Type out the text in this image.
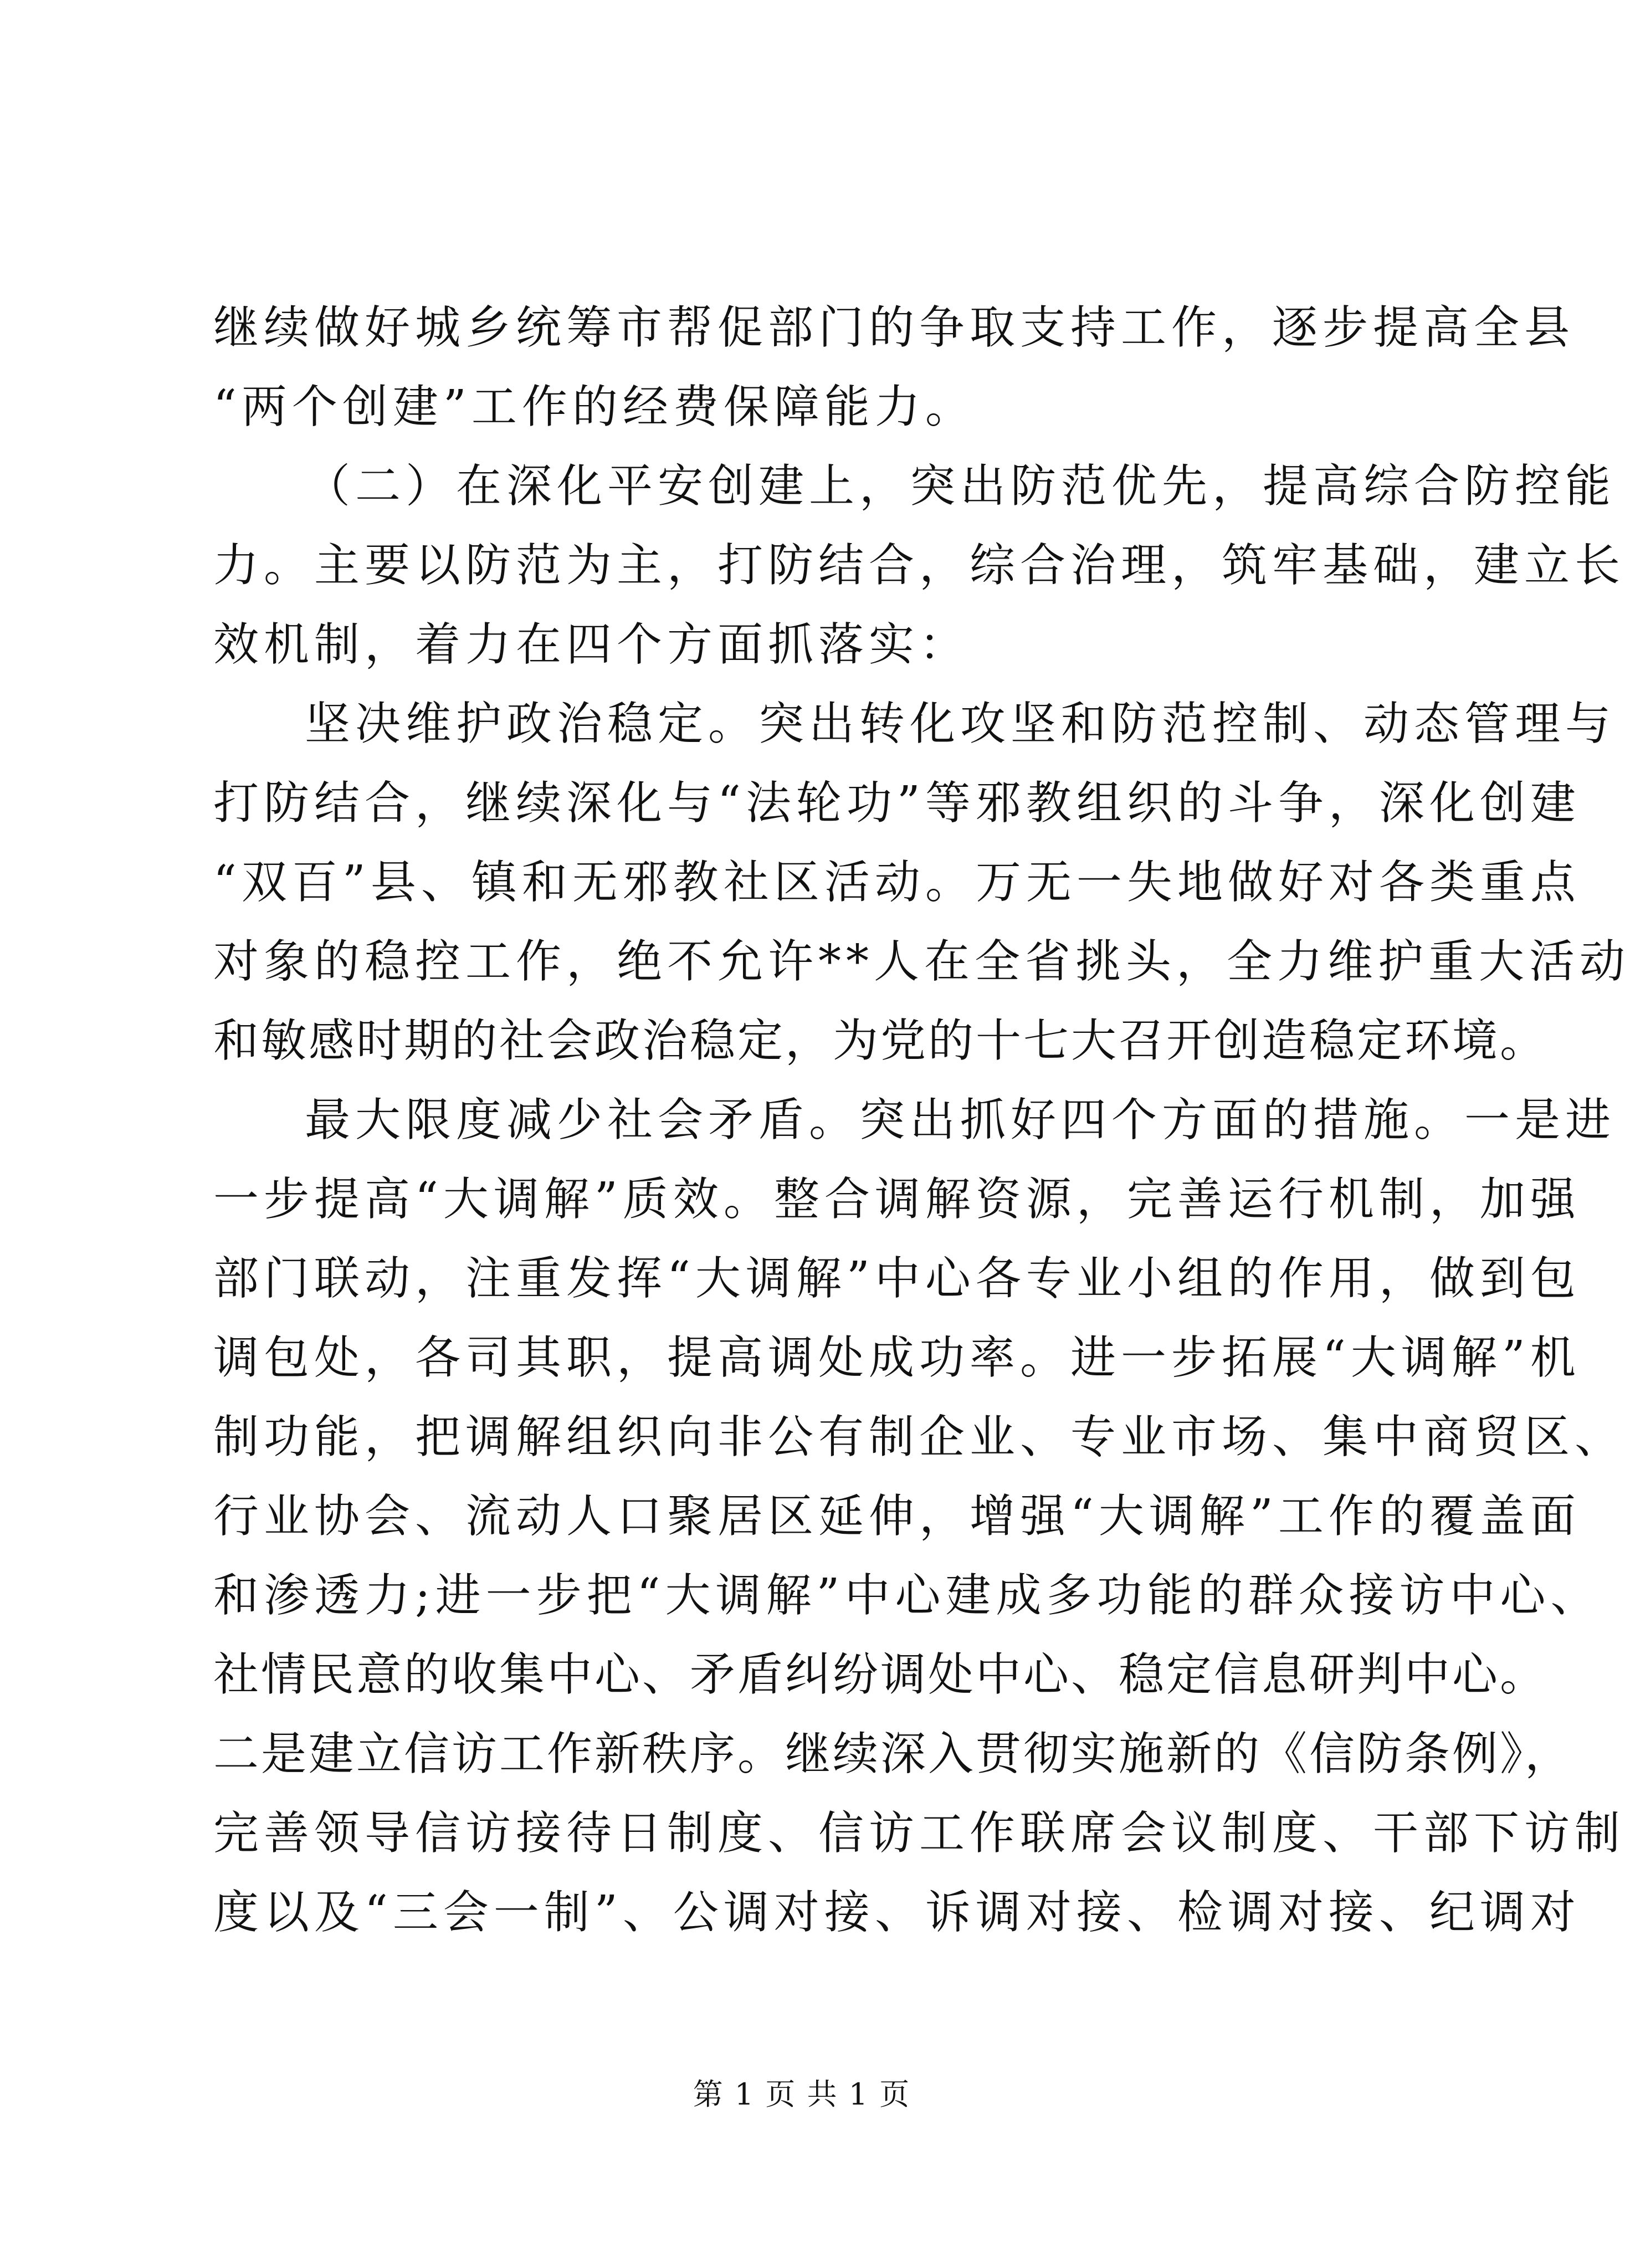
继续做好城乡统筹市帮促部门的争取支持工作，逐步提高全县
“两个创建”工作的经费保障能力。
（二）在深化平安创建上，突出防范优先，提高综合防控能
力。主要以防范为主，打防结合，综合治理，筑牢基础，建立长
效机制，着力在四个方面抓落实：
坚决维护政治稳定。突出转化攻坚和防范控制、动态管理与
打防结合，继续深化与“法轮功”等邪教组织的斗争，深化创建
“双百”县、镇和无邪教社区活动。万无一失地做好对各类重点
对象的稳控工作，绝不允许**人在全省挑头，全力维护重大活动
和敏感时期的社会政治稳定，为党的十七大召开创造稳定环境。
最大限度减少社会矛盾。突出抓好四个方面的措施。一是进
一步提高“大调解”质效。整合调解资源，完善运行机制，加强
部门联动，注重发挥“大调解”中心各专业小组的作用，做到包
调包处，各司其职，提高调处成功率。进一步拓展“大调解”机
制功能，把调解组织向非公有制企业、专业市场、集中商贸区、
行业协会、流动人口聚居区延伸，增强“大调解”工作的覆盖面
和渗透力;进一步把“大调解”中心建成多功能的群众接访中心、
社情民意的收集中心、矛盾纠纷调处中心、稳定信息研判中心。
二是建立信访工作新秩序。继续深入贯彻实施新的《信防条例》，
完善领导信访接待日制度、信访工作联席会议制度、干部下访制
度以及“三会一制”、公调对接、诉调对接、检调对接、纪调对
第 1 页 共 1 页
